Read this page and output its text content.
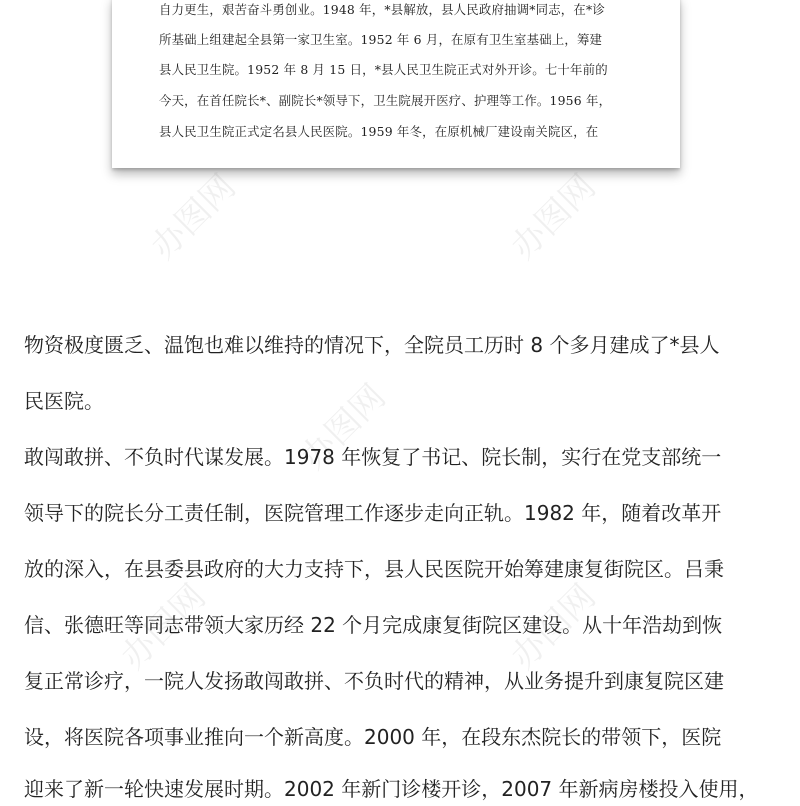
自力更生，艰苦奋斗勇创业。1948 年，*县解放，县人民政府抽调*同志，在*诊
所基础上组建起全县第一家卫生室。1952 年 6 月，在原有卫生室基础上，筹建
县人民卫生院。1952 年 8 月 15 日，*县人民卫生院正式对外开诊。七十年前的
今天，在首任院长*、副院长*领导下，卫生院展开医疗、护理等工作。1956 年，
县人民卫生院正式定名县人民医院。1959 年冬，在原机械厂建设南关院区，在
办图网	办图网
办图网
办图网	办图网
物资极度匮乏、温饱也难以维持的情况下，全院员工历时 8 个多月建成了*县人
民医院。
敢闯敢拼、不负时代谋发展。1978 年恢复了书记、院长制，实行在党支部统一
领导下的院长分工责任制，医院管理工作逐步走向正轨。1982 年，随着改革开
放的深入，在县委县政府的大力支持下，县人民医院开始筹建康复街院区。吕秉
信、张德旺等同志带领大家历经 22 个月完成康复街院区建设。从十年浩劫到恢
复正常诊疗，一院人发扬敢闯敢拼、不负时代的精神，从业务提升到康复院区建
设，将医院各项事业推向一个新高度。2000 年，在段东杰院长的带领下，医院
迎来了新一轮快速发展时期。2002 年新门诊楼开诊，2007 年新病房楼投入使用，
